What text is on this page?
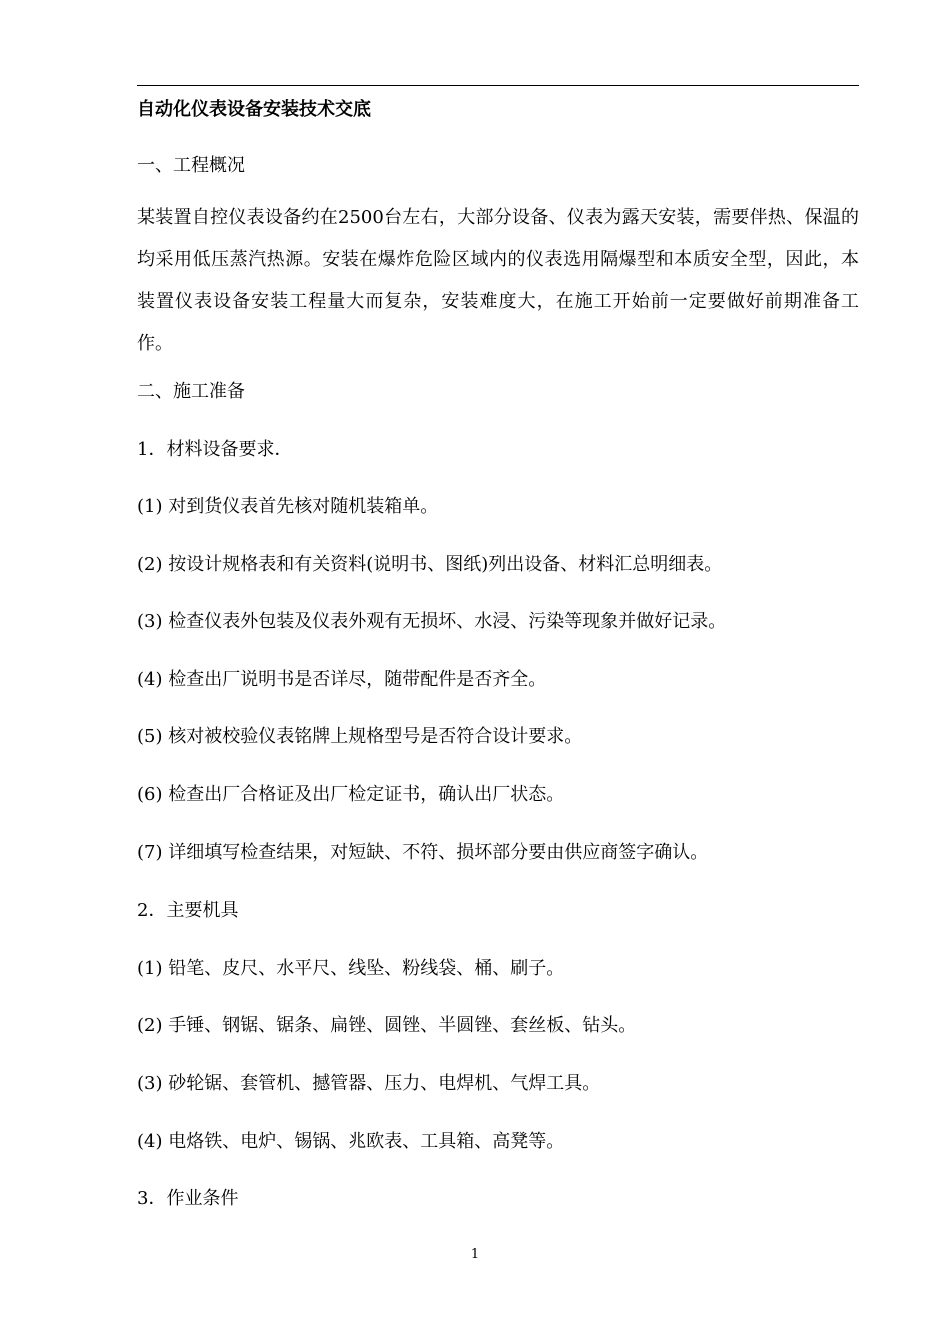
自动化仪表设备安装技术交底
一、工程概况
某装置自控仪表设备约在2500台左右，大部分设备、仪表为露天安装，需要伴热、保温的
均采用低压蒸汽热源。安装在爆炸危险区域内的仪表选用隔爆型和本质安全型，因此，本
装置仪表设备安装工程量大而复杂，安装难度大，在施工开始前一定要做好前期准备工
作。
二、施工准备
1．材料设备要求．
(1) 对到货仪表首先核对随机装箱单。
(2) 按设计规格表和有关资料(说明书、图纸)列出设备、材料汇总明细表。
(3) 检查仪表外包装及仪表外观有无损坏、水浸、污染等现象并做好记录。
(4) 检查出厂说明书是否详尽，随带配件是否齐全。
(5) 核对被校验仪表铭牌上规格型号是否符合设计要求。
(6) 检查出厂合格证及出厂检定证书，确认出厂状态。
(7) 详细填写检查结果，对短缺、不符、损坏部分要由供应商签字确认。
2．主要机具
(1) 铅笔、皮尺、水平尺、线坠、粉线袋、桶、刷子。
(2) 手锤、钢锯、锯条、扁锉、圆锉、半圆锉、套丝板、钻头。
(3) 砂轮锯、套管机、撼管器、压力、电焊机、气焊工具。
(4) 电烙铁、电炉、锡锅、兆欧表、工具箱、高凳等。
3．作业条件
1
